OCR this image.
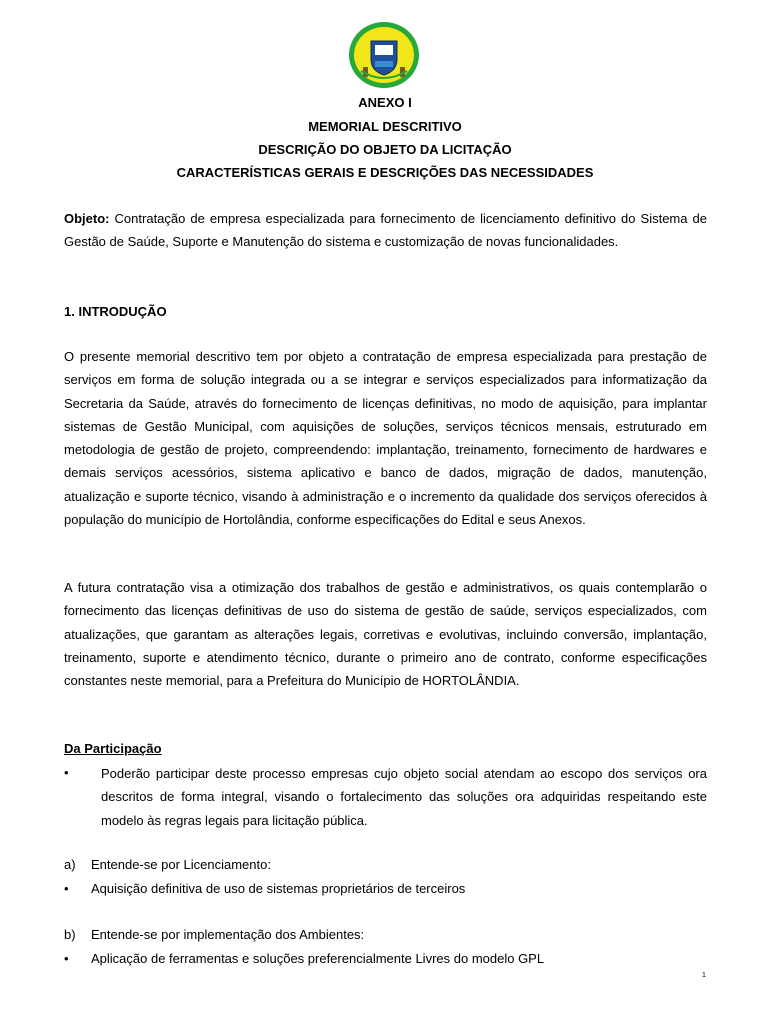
ANEXO I
MEMORIAL DESCRITIVO
DESCRIÇÃO DO OBJETO DA LICITAÇÃO
CARACTERÍSTICAS GERAIS E DESCRIÇÕES DAS NECESSIDADES
Objeto: Contratação de empresa especializada para fornecimento de licenciamento definitivo do Sistema de Gestão de Saúde, Suporte e Manutenção do sistema e customização de novas funcionalidades.
1. INTRODUÇÃO
O presente memorial descritivo tem por objeto a contratação de empresa especializada para prestação de serviços em forma de solução integrada ou a se integrar e serviços especializados para informatização da Secretaria da Saúde, através do fornecimento de licenças definitivas, no modo de aquisição, para implantar sistemas de Gestão Municipal, com aquisições de soluções, serviços técnicos mensais, estruturado em metodologia de gestão de projeto, compreendendo: implantação, treinamento, fornecimento de hardwares e demais serviços acessórios, sistema aplicativo e banco de dados, migração de dados, manutenção, atualização e suporte técnico, visando à administração e o incremento da qualidade dos serviços oferecidos à população do município de Hortolândia, conforme especificações do Edital e seus Anexos.
A futura contratação visa a otimização dos trabalhos de gestão e administrativos, os quais contemplarão o fornecimento das licenças definitivas de uso do sistema de gestão de saúde, serviços especializados, com atualizações, que garantam as alterações legais, corretivas e evolutivas, incluindo conversão, implantação, treinamento, suporte e atendimento técnico, durante o primeiro ano de contrato, conforme especificações constantes neste memorial, para a Prefeitura do Município de HORTOLÂNDIA.
Da Participação
• Poderão participar deste processo empresas cujo objeto social atendam ao escopo dos serviços ora descritos de forma integral, visando o fortalecimento das soluções ora adquiridas respeitando este modelo às regras legais para licitação pública.
a) Entende-se por Licenciamento:
• Aquisição definitiva de uso de sistemas proprietários de terceiros
b) Entende-se por implementação dos Ambientes:
• Aplicação de ferramentas e soluções preferencialmente Livres do modelo GPL
1
